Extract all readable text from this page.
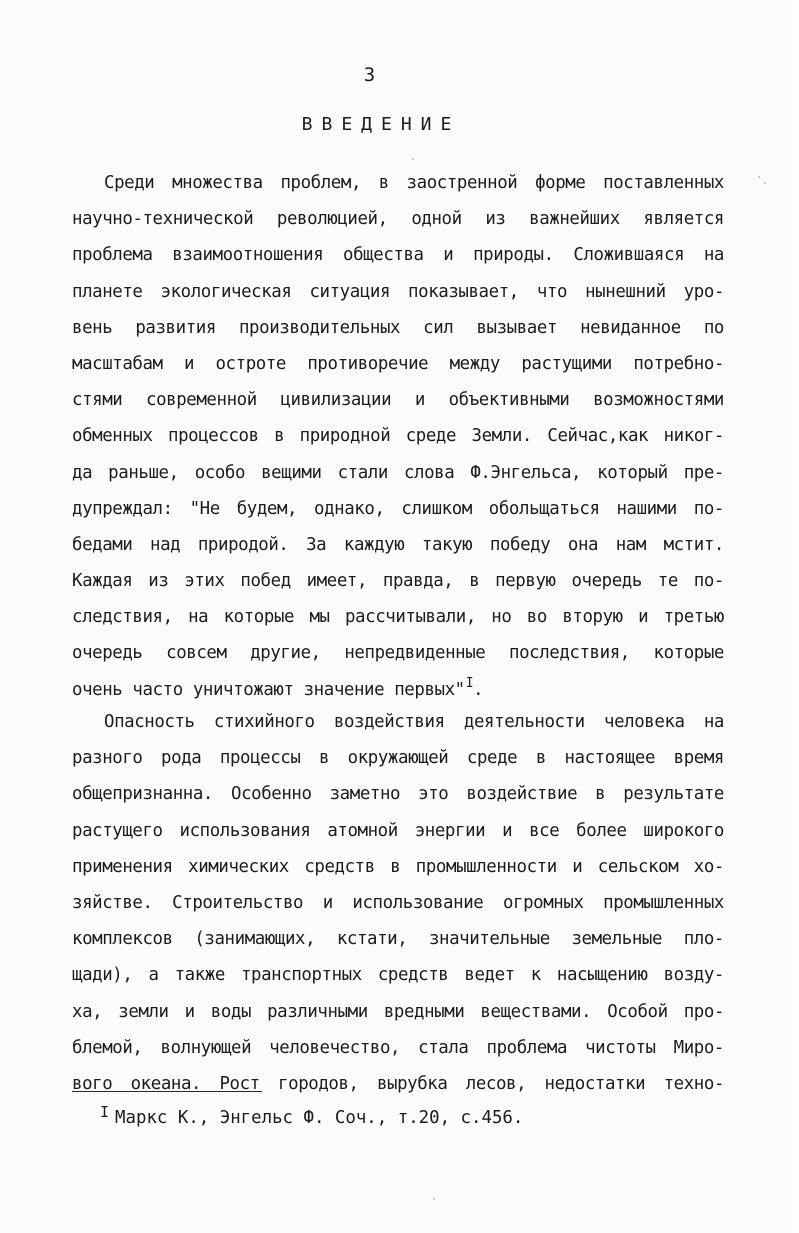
3
ВВЕДЕНИЕ
Среди множества проблем, в заостренной форме поставленных
научно-технической революцией, одной из важнейших является
проблема взаимоотношения общества и природы. Сложившаяся на
планете экологическая ситуация показывает, что нынешний уро-
вень развития производительных сил вызывает невиданное по
масштабам и остроте противоречие между растущими потребно-
стями современной цивилизации и объективными возможностями
обменных процессов в природной среде Земли. Сейчас,как никог-
да раньше, особо вещими стали слова Ф.Энгельса, который пре-
дупреждал: "Не будем, однако, слишком обольщаться нашими по-
бедами над природой. За каждую такую победу она нам мстит.
Каждая из этих побед имеет, правда, в первую очередь те по-
следствия, на которые мы рассчитывали, но во вторую и третью
очередь совсем другие, непредвиденные последствия, которые
очень часто уничтожают значение первых"$^I$.
Опасность стихийного воздействия деятельности человека на
разного рода процессы в окружающей среде в настоящее время
общепризнанна. Особенно заметно это воздействие в результате
растущего использования атомной энергии и все более широкого
применения химических средств в промышленности и сельском хо-
зяйстве. Строительство и использование огромных промышленных
комплексов (занимающих, кстати, значительные земельные пло-
щади), а также транспортных средств ведет к насыщению возду-
ха, земли и воды различными вредными веществами. Особой про-
блемой, волнующей человечество, стала проблема чистоты Миро-
вого океана. Рост городов, вырубка лесов, недостатки техно-
I Маркс К., Энгельс Ф. Соч., т.20, с.456.
